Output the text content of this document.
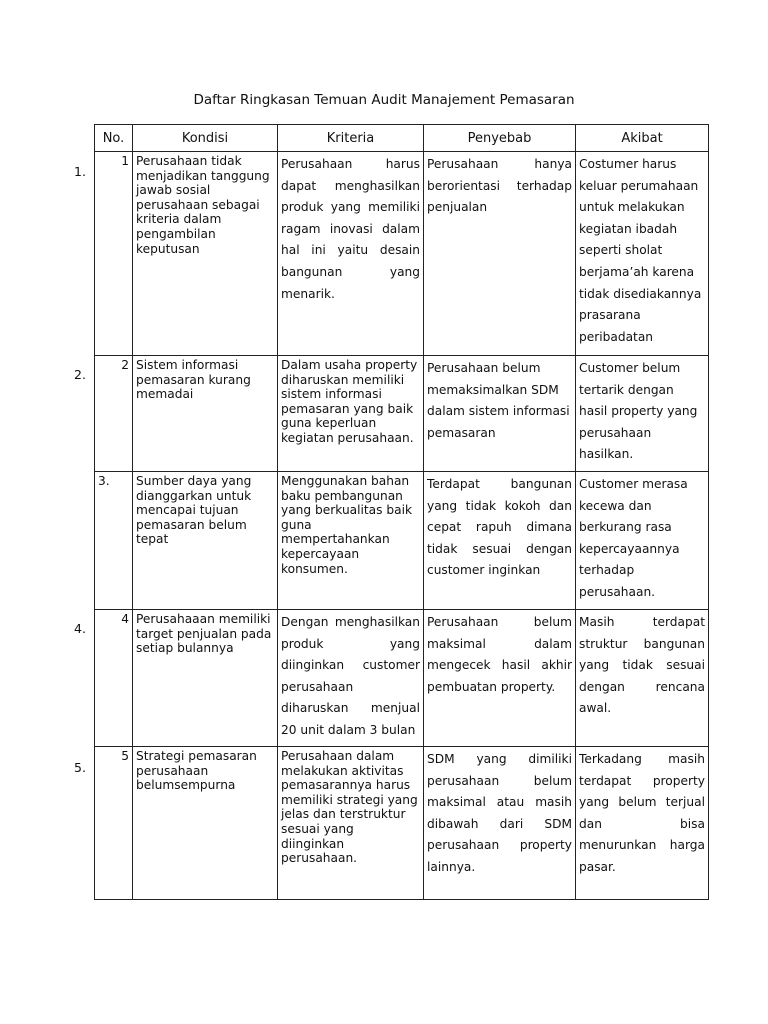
Daftar Ringkasan Temuan Audit Manajement Pemasaran
No.	Kondisi	Kriteria	Penyebab	Akibat
1	Perusahaan tidak menjadikan tanggung jawab sosial perusahaan sebagai kriteria dalam pengambilan keputusan	Perusahaan harus dapat menghasilkan produk yang memiliki ragam inovasi dalam hal ini yaitu desain bangunan yang menarik.	Perusahaan hanya berorientasi terhadap penjualan	Costumer harus keluar perumahaan untuk melakukan kegiatan ibadah seperti sholat berjama’ah karena tidak disediakannya prasarana peribadatan
2	Sistem informasi pemasaran kurang memadai	Dalam usaha property diharuskan memiliki sistem informasi pemasaran yang baik guna keperluan kegiatan perusahaan.	Perusahaan belum memaksimalkan SDM dalam sistem informasi pemasaran	Customer belum tertarik dengan hasil property yang perusahaan hasilkan.
3.	Sumber daya yang dianggarkan untuk mencapai tujuan pemasaran belum tepat	Menggunakan bahan baku pembangunan yang berkualitas baik guna mempertahankan kepercayaan konsumen.	Terdapat bangunan yang tidak kokoh dan cepat rapuh dimana tidak sesuai dengan customer inginkan	Customer merasa kecewa dan berkurang rasa kepercayaannya terhadap perusahaan.
4	Perusahaaan memiliki target penjualan pada setiap bulannya	Dengan menghasilkan produk yang diinginkan customer perusahaan diharuskan menjual 20 unit dalam 3 bulan	Perusahaan belum maksimal dalam mengecek hasil akhir pembuatan property.	Masih terdapat struktur bangunan yang tidak sesuai dengan rencana awal.
5	Strategi pemasaran perusahaan belumsempurna	Perusahaan dalam melakukan aktivitas pemasarannya harus memiliki strategi yang jelas dan terstruktur sesuai yang diinginkan perusahaan.	SDM yang dimiliki perusahaan belum maksimal atau masih dibawah dari SDM perusahaan property lainnya.	Terkadang masih terdapat property yang belum terjual dan bisa menurunkan harga pasar.
1.
2.
4.
5.
